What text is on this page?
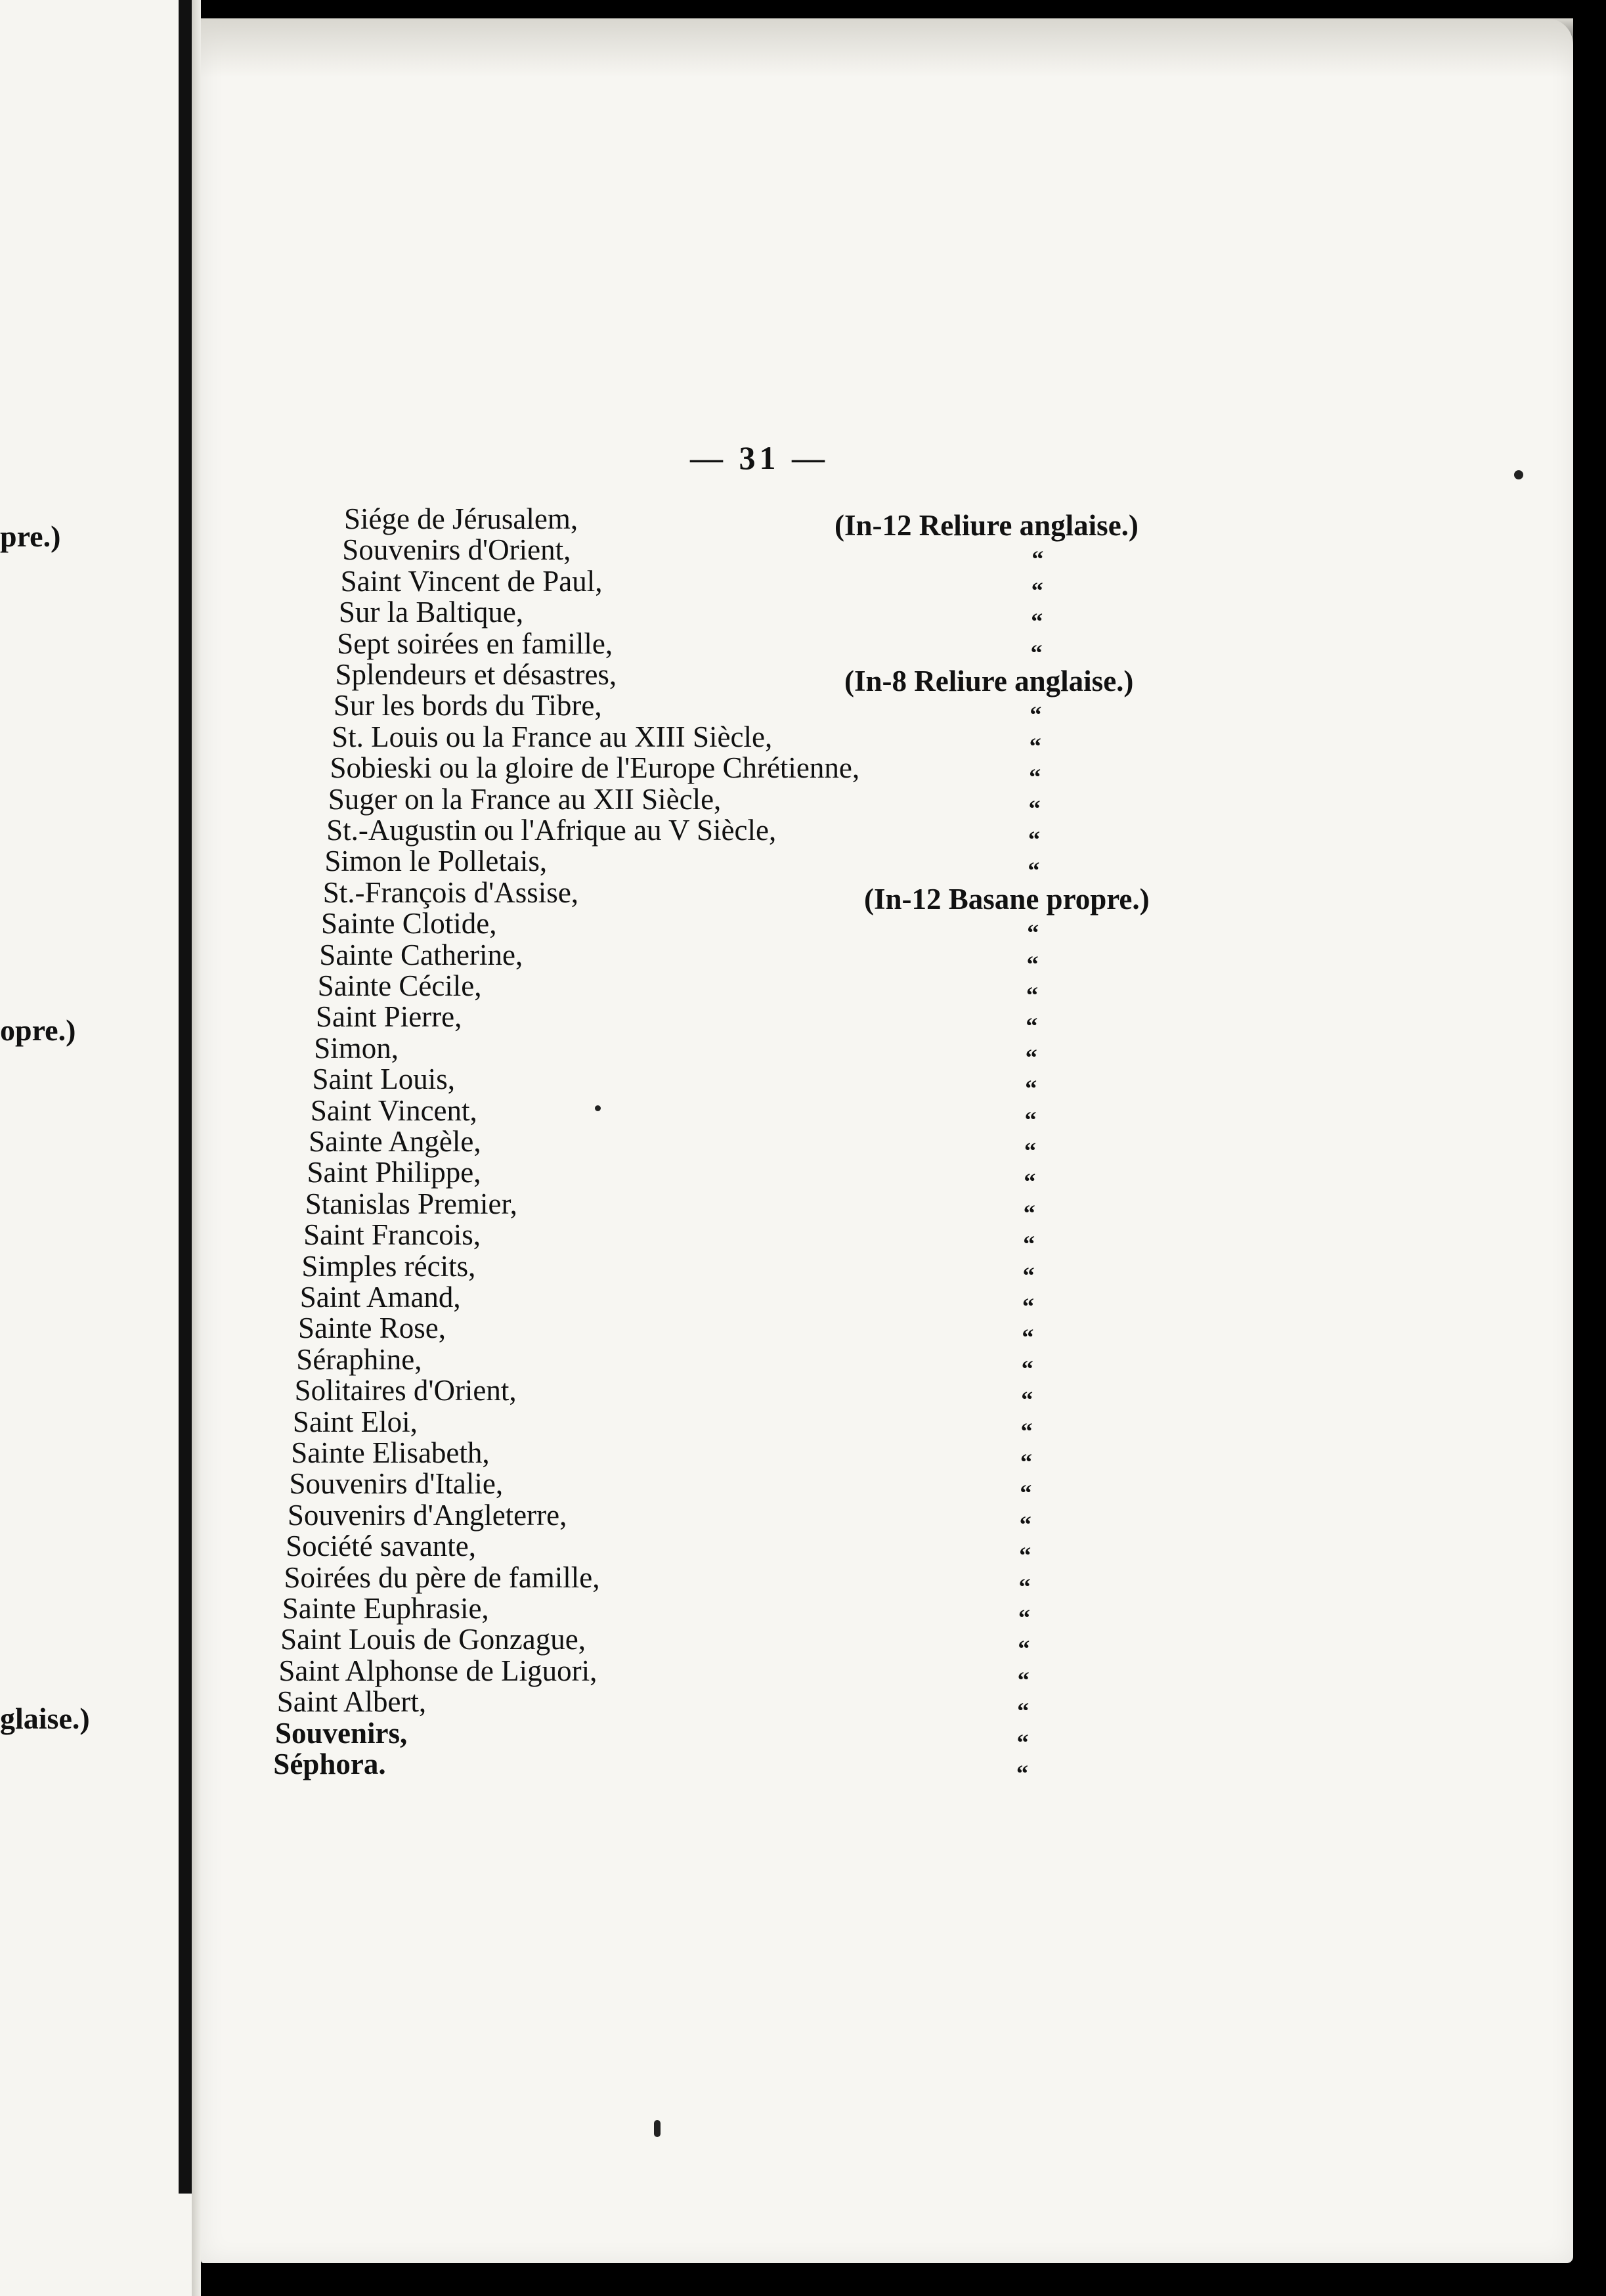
pre.)
opre.)
glaise.)
— 31 —
Siége de Jérusalem,	(In-12 Reliure anglaise.)
Souvenirs d'Orient,	“
Saint Vincent de Paul,	“
Sur la Baltique,	“
Sept soirées en famille,	“
Splendeurs et désastres,	(In-8 Reliure anglaise.)
Sur les bords du Tibre,	“
St. Louis ou la France au XIII Siècle,	“
Sobieski ou la gloire de l'Europe Chrétienne,	“
Suger on la France au XII Siècle,	“
St.-Augustin ou l'Afrique au V Siècle,	“
Simon le Polletais,	“
St.-François d'Assise,	(In-12 Basane propre.)
Sainte Clotide,	“
Sainte Catherine,	“
Sainte Cécile,	“
Saint Pierre,	“
Simon,	“
Saint Louis,	“
Saint Vincent,	“
Sainte Angèle,	“
Saint Philippe,	“
Stanislas Premier,	“
Saint Francois,	“
Simples récits,	“
Saint Amand,	“
Sainte Rose,	“
Séraphine,	“
Solitaires d'Orient,	“
Saint Eloi,	“
Sainte Elisabeth,	“
Souvenirs d'Italie,	“
Souvenirs d'Angleterre,	“
Société savante,	“
Soirées du père de famille,	“
Sainte Euphrasie,	“
Saint Louis de Gonzague,	“
Saint Alphonse de Liguori,	“
Saint Albert,	“
Souvenirs,	“
Séphora.	“
